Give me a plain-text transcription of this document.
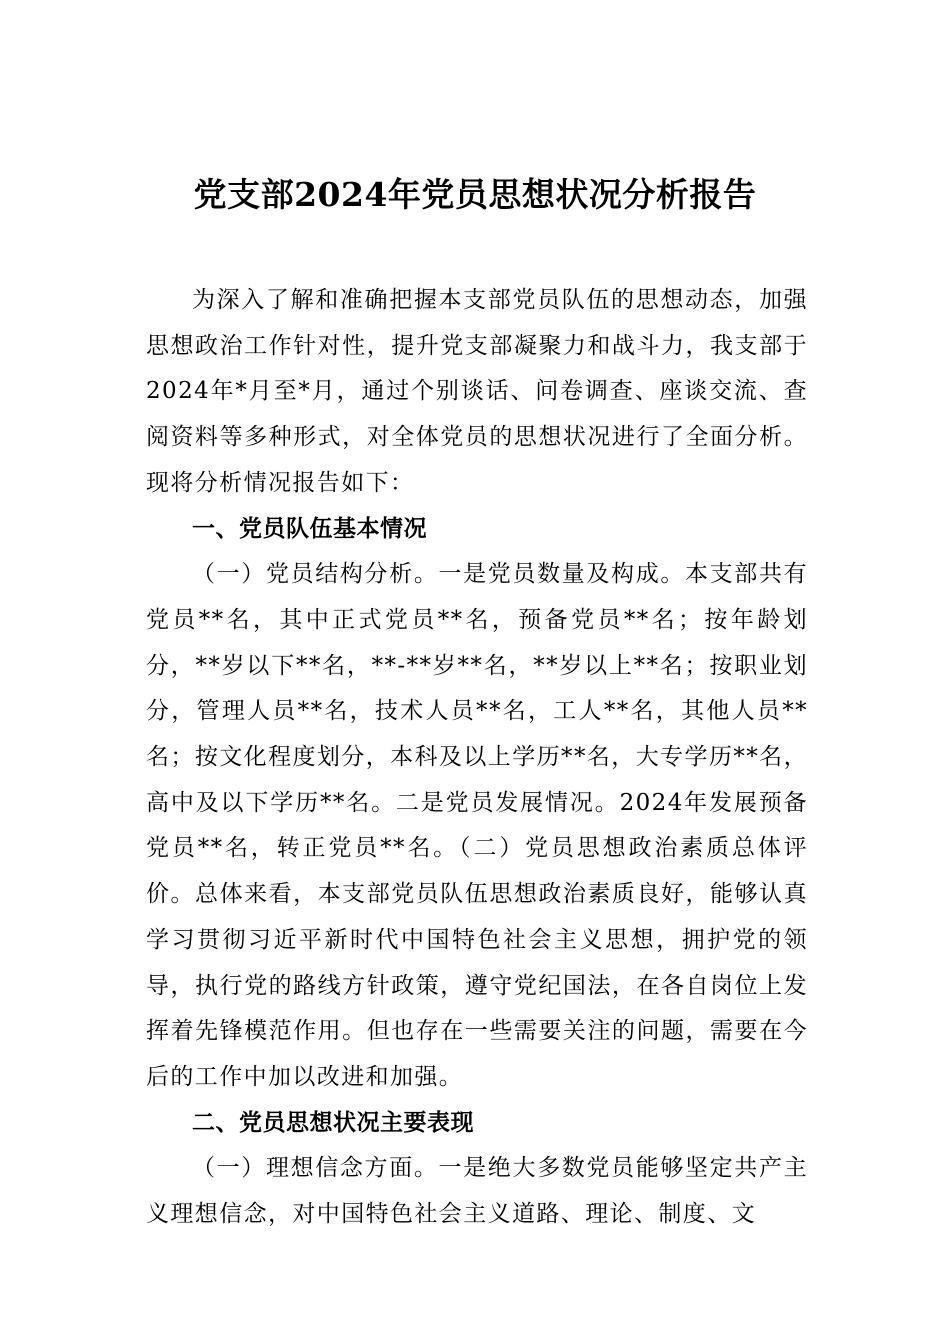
党支部2024年党员思想状况分析报告

为深入了解和准确把握本支部党员队伍的思想动态，加强思想政治工作针对性，提升党支部凝聚力和战斗力，我支部于2024年*月至*月，通过个别谈话、问卷调查、座谈交流、查阅资料等多种形式，对全体党员的思想状况进行了全面分析。现将分析情况报告如下：

一、党员队伍基本情况

（一）党员结构分析。一是党员数量及构成。本支部共有党员**名，其中正式党员**名，预备党员**名；按年龄划分，**岁以下**名，**-**岁**名，**岁以上**名；按职业划分，管理人员**名，技术人员**名，工人**名，其他人员**名；按文化程度划分，本科及以上学历**名，大专学历**名，高中及以下学历**名。二是党员发展情况。2024年发展预备党员**名，转正党员**名。（二）党员思想政治素质总体评价。总体来看，本支部党员队伍思想政治素质良好，能够认真学习贯彻习近平新时代中国特色社会主义思想，拥护党的领导，执行党的路线方针政策，遵守党纪国法，在各自岗位上发挥着先锋模范作用。但也存在一些需要关注的问题，需要在今后的工作中加以改进和加强。

二、党员思想状况主要表现

（一）理想信念方面。一是绝大多数党员能够坚定共产主义理想信念，对中国特色社会主义道路、理论、制度、文
